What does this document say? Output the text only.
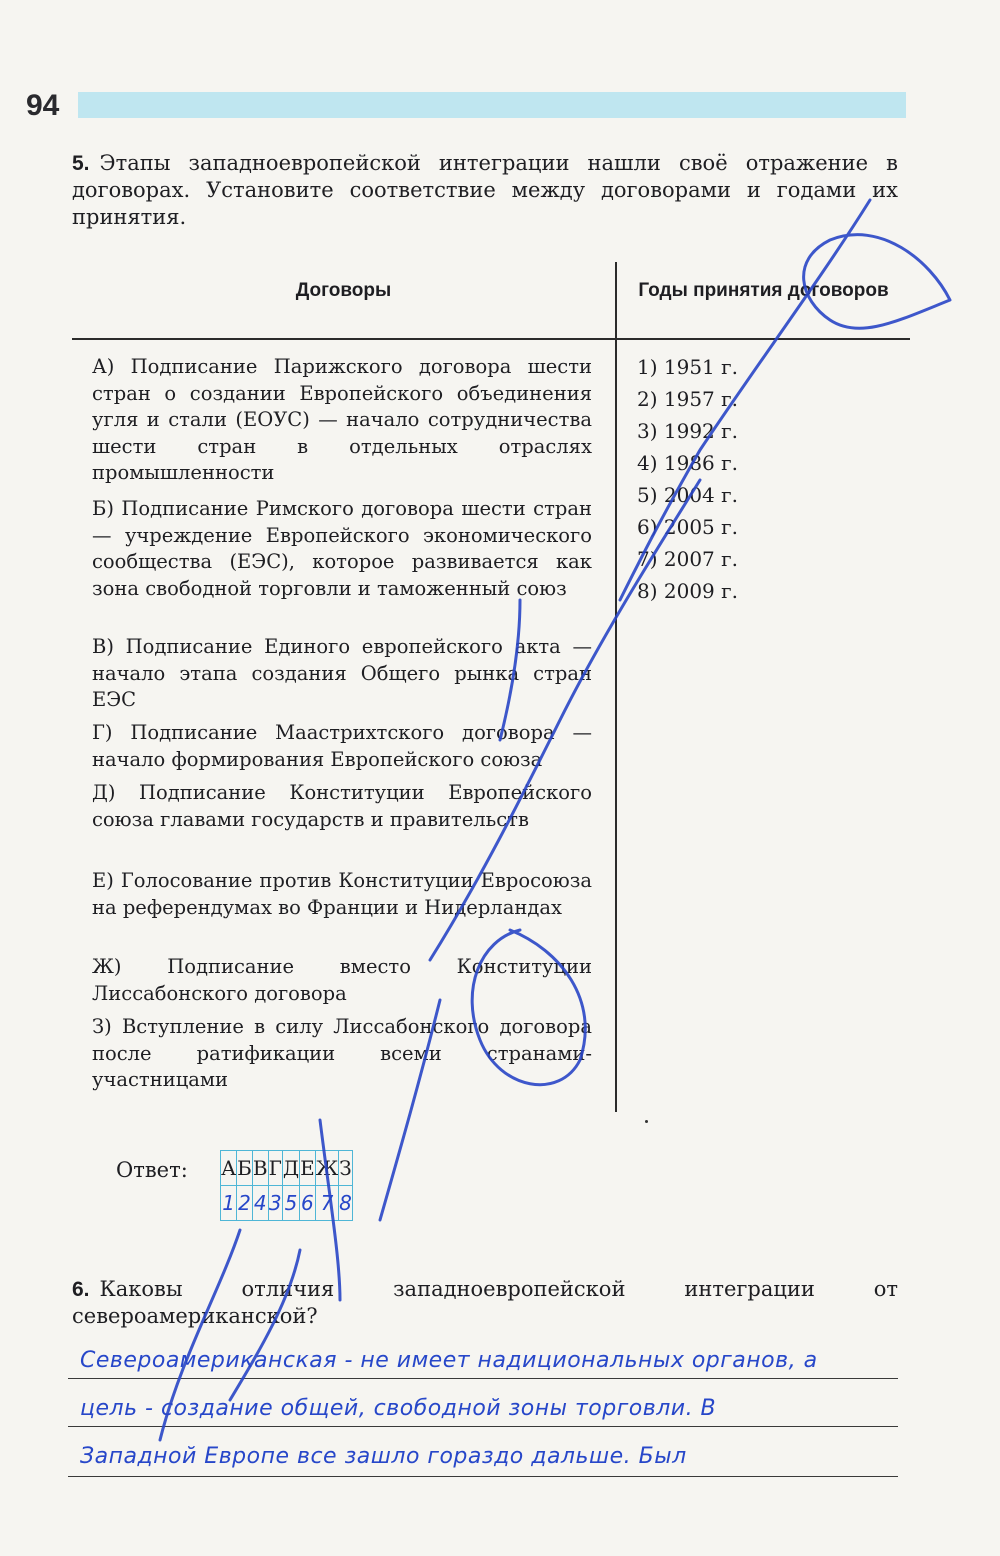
94
5. Этапы западноевропейской интеграции нашли своё отражение в договорах. Установите соответствие между договорами и годами их принятия.
Договоры	Годы принятия договоров
А) Подписание Парижского договора шести стран о создании Европейского объединения угля и стали (ЕОУС) — начало сотрудничества шести стран в отдельных отраслях промышленности
Б) Подписание Римского договора шести стран — учреждение Европейского экономического сообщества (ЕЭС), которое развивается как зона свободной торговли и таможенный союз
В) Подписание Единого европейского акта — начало этапа создания Общего рынка стран ЕЭС
Г) Подписание Маастрихтского договора — начало формирования Европейского союза
Д) Подписание Конституции Европейского союза главами государств и правительств
Е) Голосование против Конституции Евросоюза на референдумах во Франции и Нидерландах
Ж) Подписание вместо Конституции Лиссабонского договора
З) Вступление в силу Лиссабонского договора после ратификации всеми странами-участницами
1) 1951 г.
2) 1957 г.
3) 1992 г.
4) 1986 г.
5) 2004 г.
6) 2005 г.
7) 2007 г.
8) 2009 г.
Ответ: А	Б	В	Г	Д	Е	Ж	З
1	2	4	3	5	6	7	8
6. Каковы отличия западноевропейской интеграции от североамериканской?
Североамериканская - не имеет надициональных органов, а
цель - создание общей, свободной зоны торговли. В
Западной Европе все зашло гораздо дальше. Был
